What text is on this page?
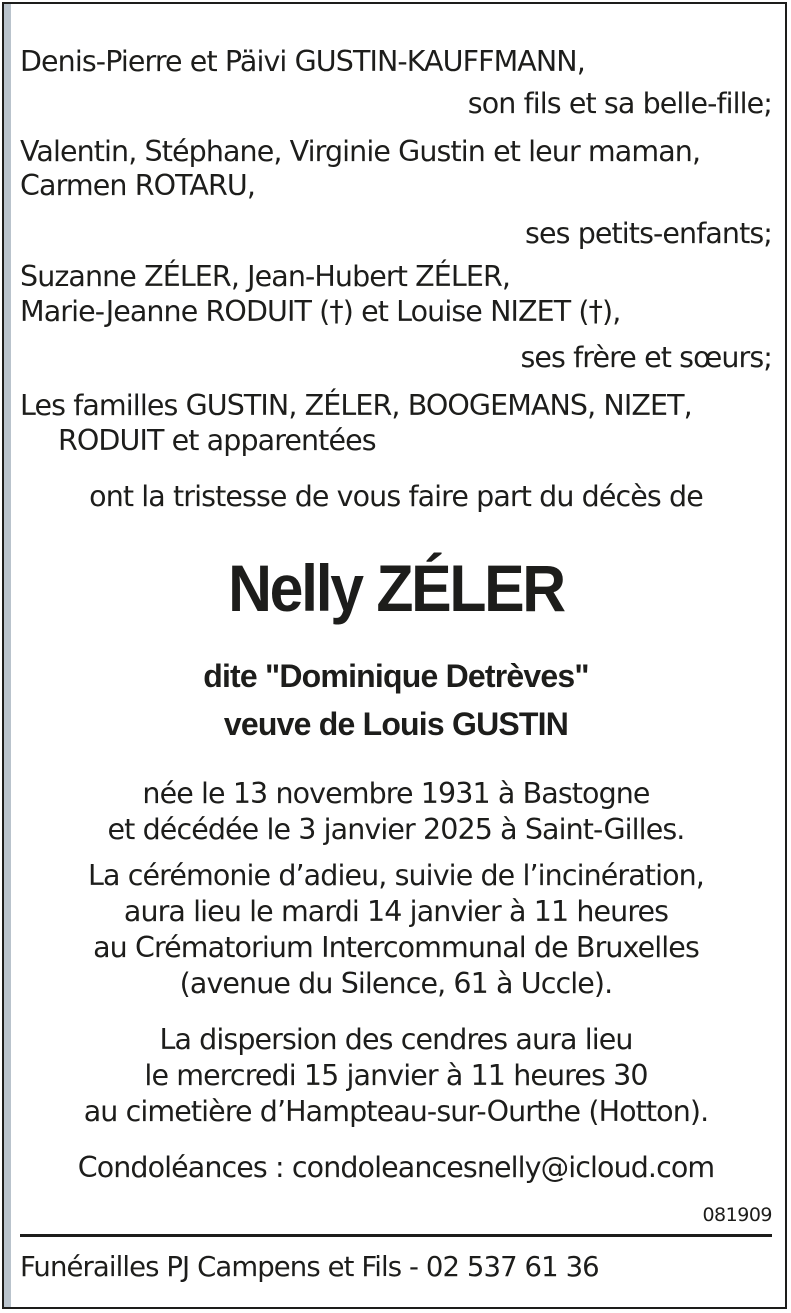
Denis-Pierre et Päivi GUSTIN-KAUFFMANN,
son fils et sa belle-fille;
Valentin, Stéphane, Virginie Gustin et leur maman,
Carmen ROTARU,
ses petits-enfants;
Suzanne ZÉLER, Jean-Hubert ZÉLER,
Marie-Jeanne RODUIT (†) et Louise NIZET (†),
ses frère et sœurs;
Les familles GUSTIN, ZÉLER, BOOGEMANS, NIZET,
RODUIT et apparentées
ont la tristesse de vous faire part du décès de
Nelly ZÉLER
dite "Dominique Detrèves"
veuve de Louis GUSTIN
née le 13 novembre 1931 à Bastogne
et décédée le 3 janvier 2025 à Saint-Gilles.
La cérémonie d’adieu, suivie de l’incinération,
aura lieu le mardi 14 janvier à 11 heures
au Crématorium Intercommunal de Bruxelles
(avenue du Silence, 61 à Uccle).
La dispersion des cendres aura lieu
le mercredi 15 janvier à 11 heures 30
au cimetière d’Hampteau-sur-Ourthe (Hotton).
Condoléances : condoleancesnelly@icloud.com
081909
Funérailles PJ Campens et Fils - 02 537 61 36
